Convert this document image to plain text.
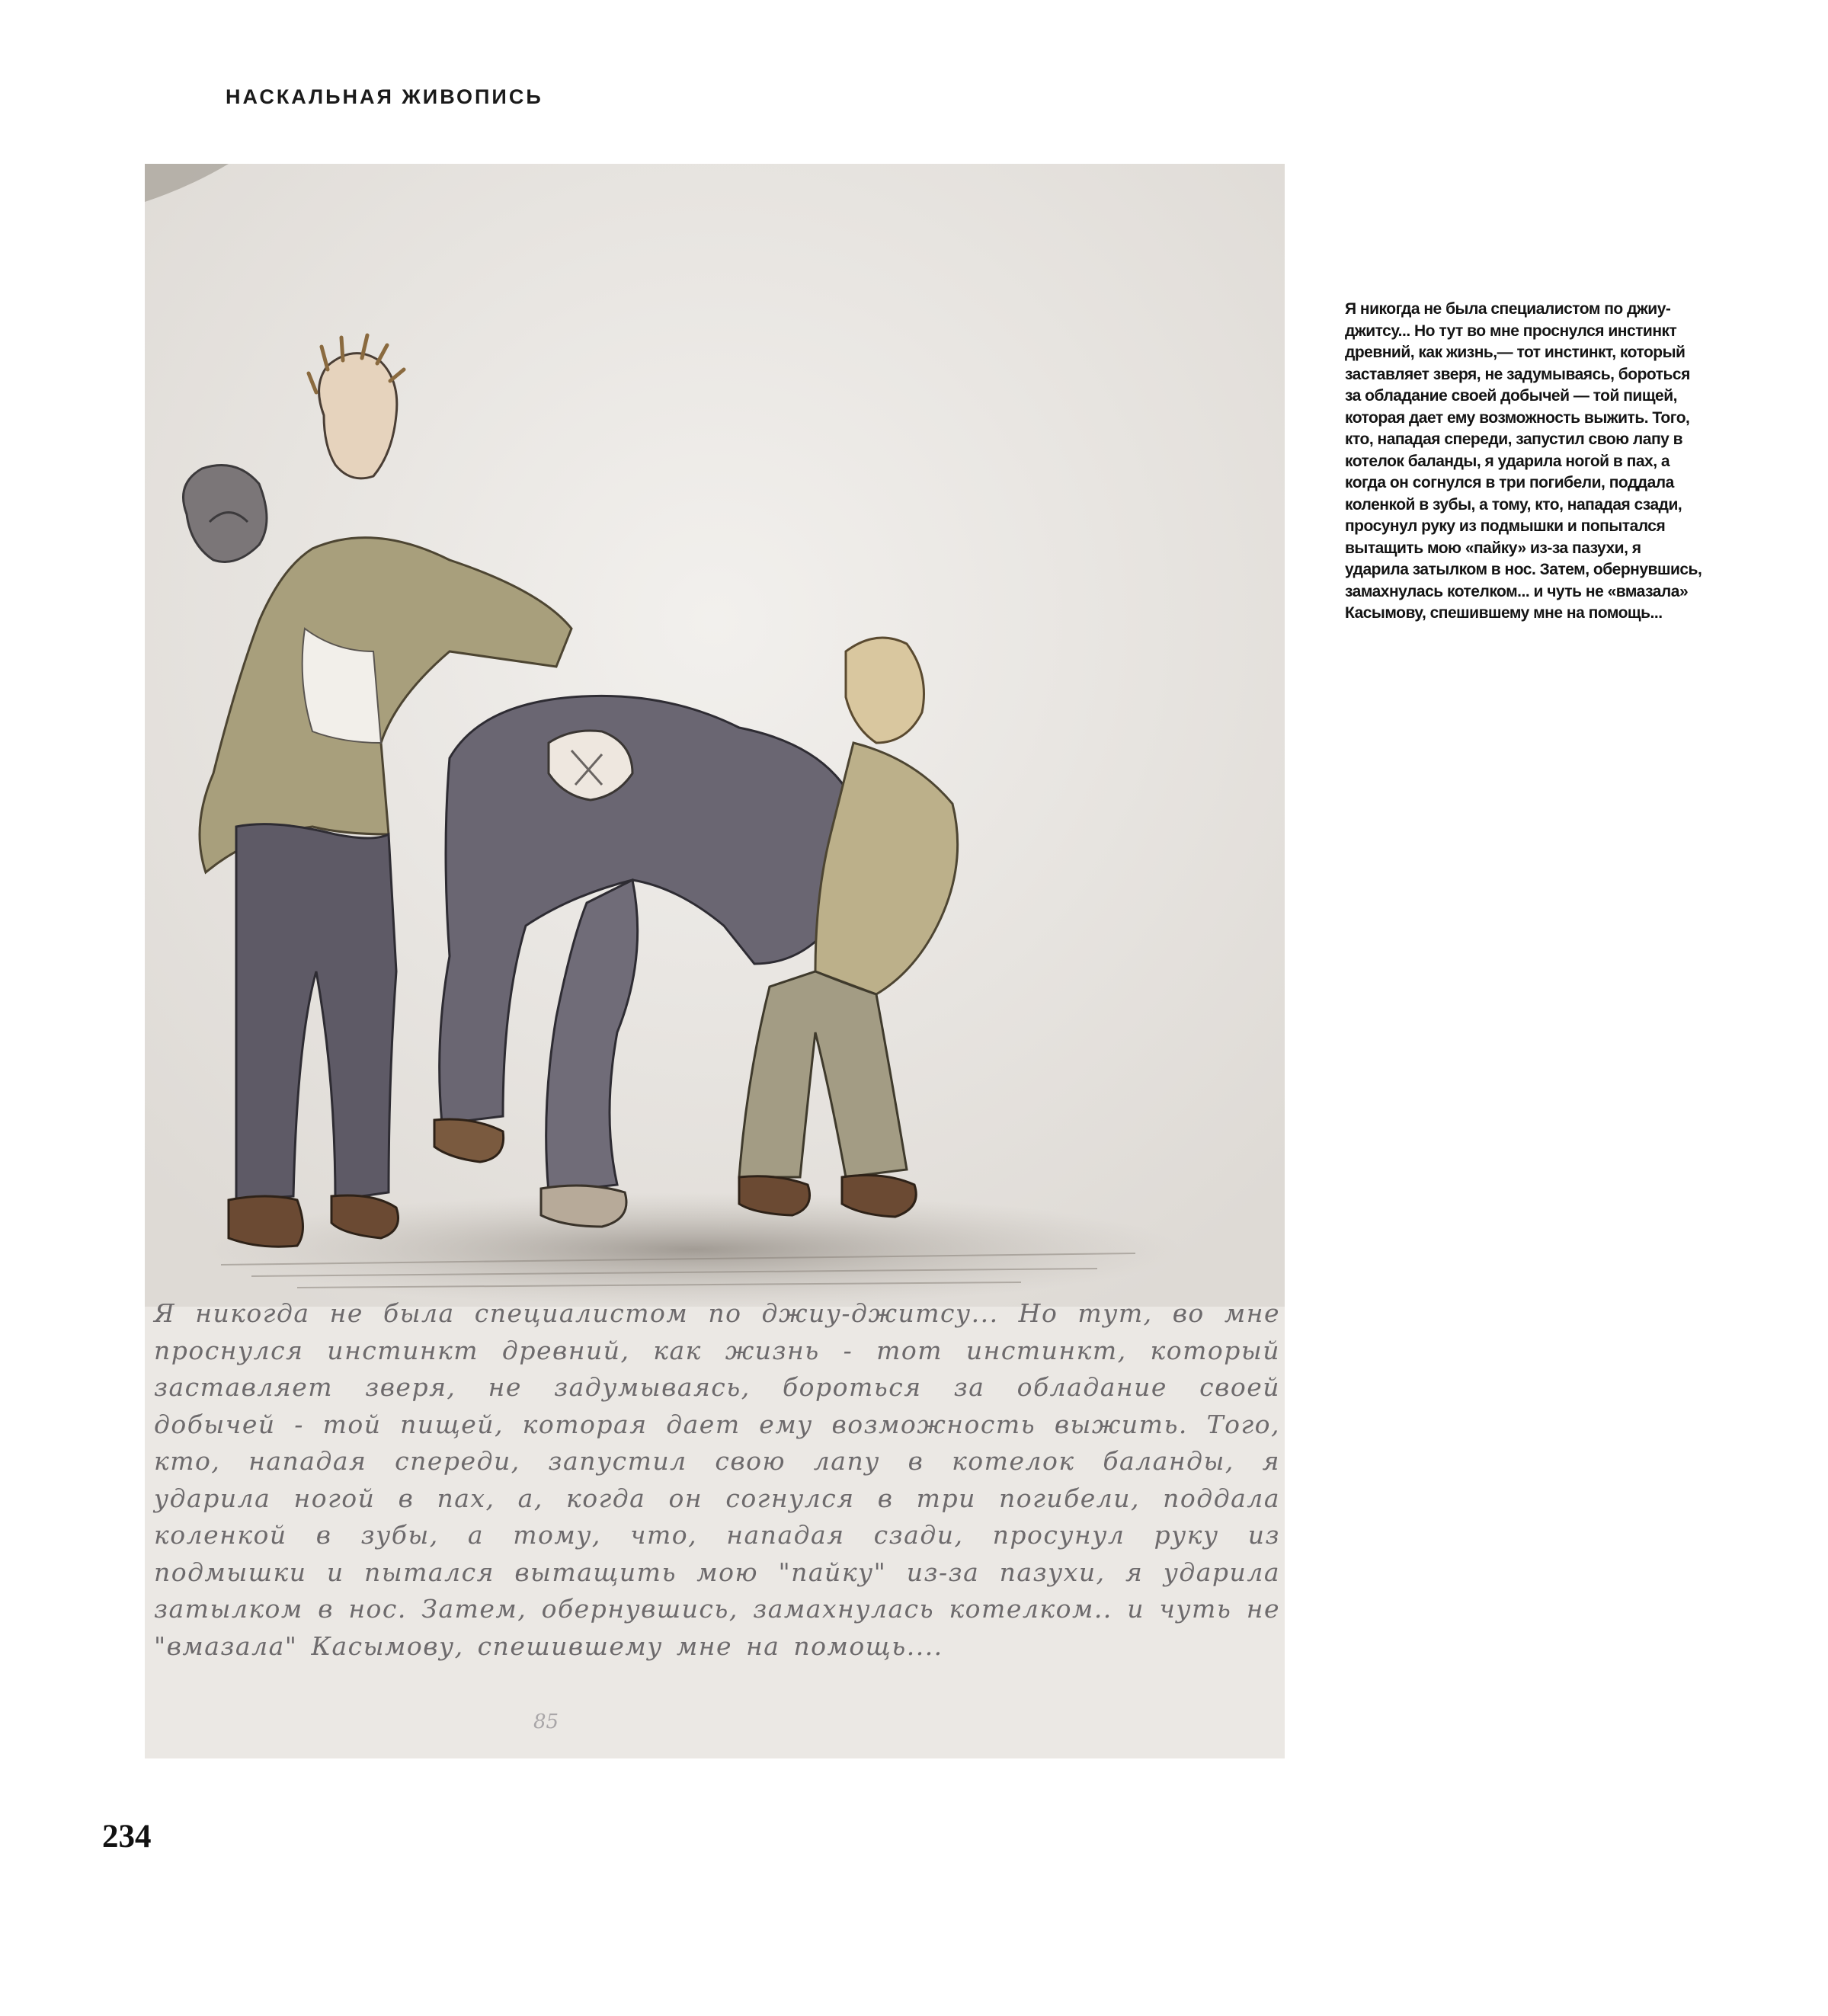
НАСКАЛЬНАЯ ЖИВОПИСЬ
Я никогда не была специалистом по джиу-джитсу... Но тут, во мне проснулся инстинкт древний, как жизнь - тот инстинкт, который заставляет зверя, не задумываясь, бороться за обладание своей добычей - той пищей, которая дает ему возможность выжить. Того, кто, нападая спереди, запустил свою лапу в котелок баланды, я ударила ногой в пах, а, когда он согнулся в три погибели, поддала коленкой в зубы, а тому, что, нападая сзади, просунул руку из подмышки и пытался вытащить мою "пайку" из-за пазухи, я ударила затылком в нос. Затем, обернувшись, замахнулась котелком.. и чуть не "вмазала" Касымову, спешившему мне на помощь....
85
Я никогда не была специалистом по джиу-джитсу... Но тут во мне проснулся инстинкт древний, как жизнь,— тот инстинкт, который заставляет зверя, не задумываясь, бороться за обладание своей добычей — той пищей, которая дает ему возможность выжить. Того, кто, нападая спереди, запустил свою лапу в котелок баланды, я ударила ногой в пах, а когда он согнулся в три погибели, поддала коленкой в зубы, а тому, кто, нападая сзади, просунул руку из подмышки и попытался вытащить мою «пайку» из-за пазухи, я ударила затылком в нос. Затем, обернувшись, замахнулась котелком... и чуть не «вмазала» Касымову, спешившему мне на помощь...
234
